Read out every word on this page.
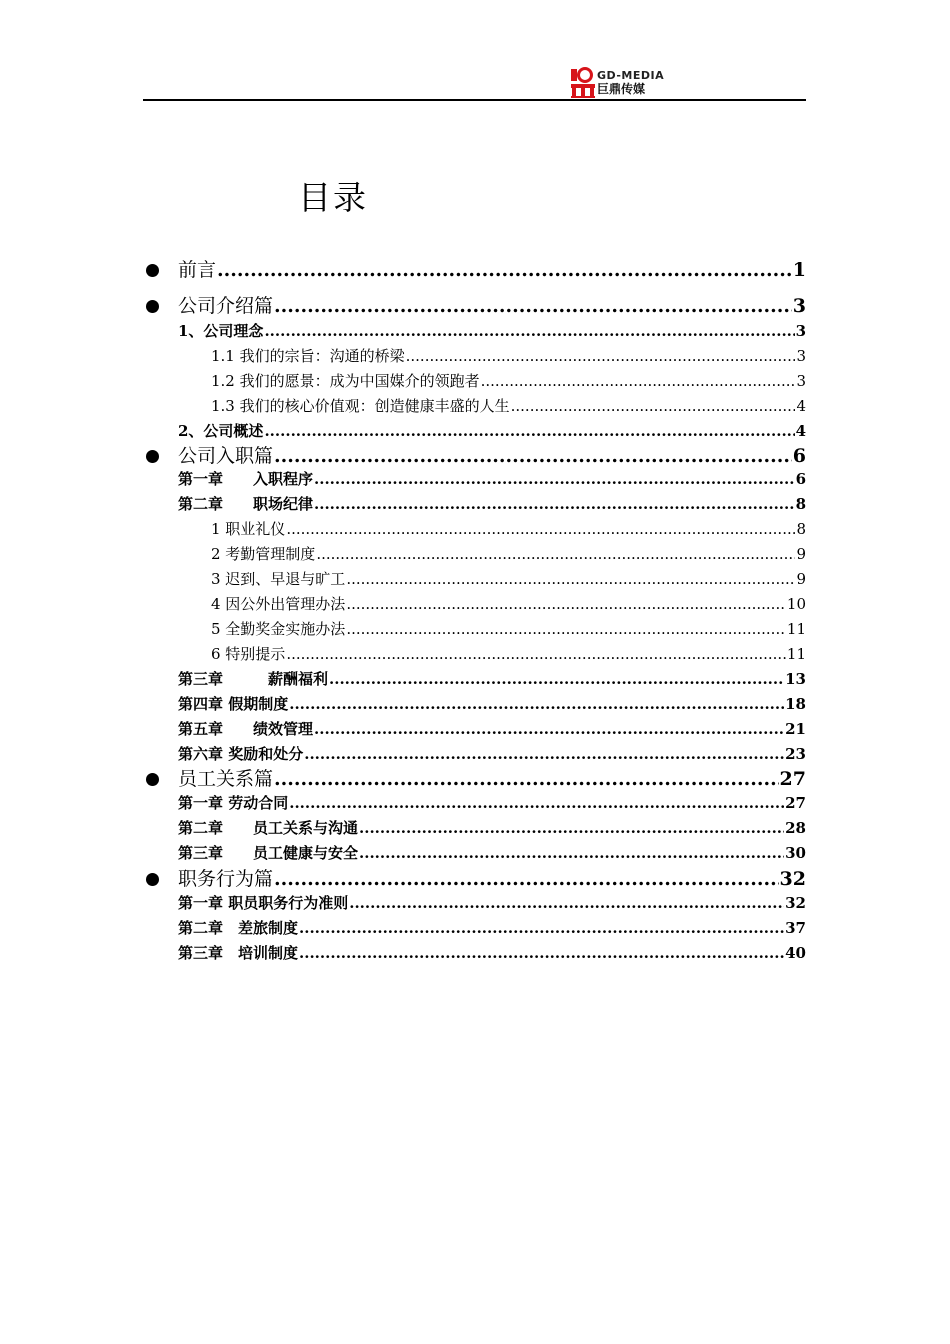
GD-MEDIA
巨鼎传媒
目录
前言 .....	1
公司介绍篇 .....	3
1、公司理念 .....	3
1.1 我们的宗旨：沟通的桥梁 .....	3
1.2 我们的愿景：成为中国媒介的领跑者 .....	3
1.3 我们的核心价值观：创造健康丰盛的人生 .....	4
2、公司概述 .....	4
公司入职篇 .....	6
第一章　　入职程序 .....	6
第二章　　职场纪律 .....	8
1 职业礼仪 .....	8
2 考勤管理制度 .....	9
3 迟到、早退与旷工 .....	9
4 因公外出管理办法 .....	10
5 全勤奖金实施办法 .....	11
6 特别提示 .....	11
第三章　　　薪酬福利 .....	13
第四章 假期制度 .....	18
第五章　　绩效管理 .....	21
第六章 奖励和处分 .....	23
员工关系篇 .....	27
第一章 劳动合同 .....	27
第二章　　员工关系与沟通 .....	28
第三章　　员工健康与安全 .....	30
职务行为篇 .....	32
第一章 职员职务行为准则 .....	32
第二章　差旅制度 .....	37
第三章　培训制度 .....	40
